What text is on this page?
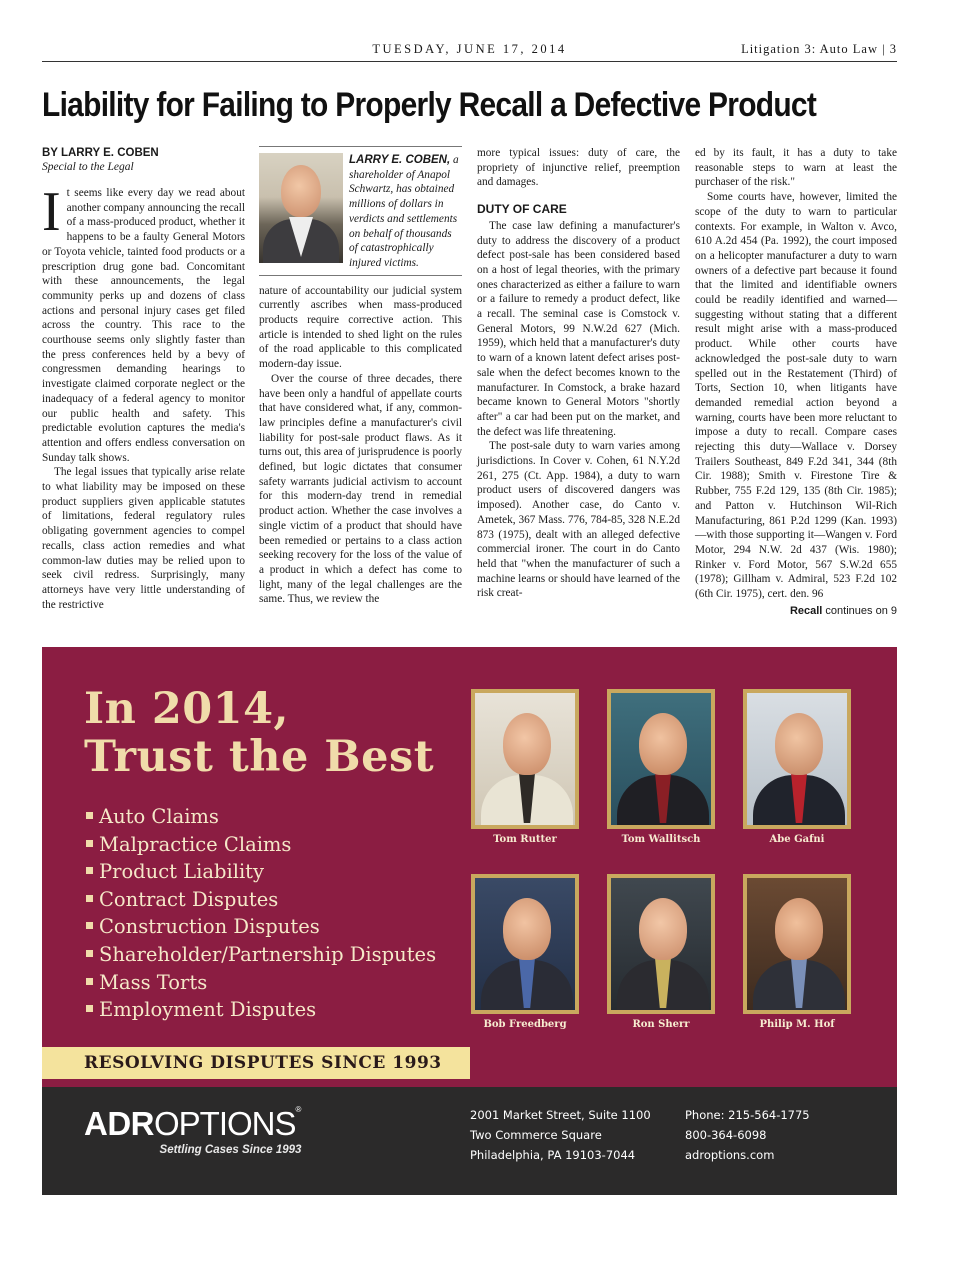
TUESDAY, JUNE 17, 2014	Litigation 3: Auto Law | 3
Liability for Failing to Properly Recall a Defective Product
BY LARRY E. COBEN
Special to the Legal

It seems like every day we read about another company announcing the recall of a mass-produced product, whether it happens to be a faulty General Motors or Toyota vehicle, tainted food products or a prescription drug gone bad. Concomitant with these announcements, the legal community perks up and dozens of class actions and personal injury cases get filed across the country. This race to the courthouse seems only slightly faster than the press conferences held by a bevy of congressmen demanding hearings to investigate claimed corporate neglect or the inadequacy of a federal agency to monitor our public health and safety. This predictable evolution captures the media's attention and offers endless conversation on Sunday talk shows.

The legal issues that typically arise relate to what liability may be imposed on these product suppliers given applicable statutes of limitations, federal regulatory rules obligating government agencies to compel recalls, class action remedies and what common-law duties may be relied upon to seek civil redress. Surprisingly, many attorneys have very little understanding of the restrictive

LARRY E. COBEN, a shareholder of Anapol Schwartz, has obtained millions of dollars in verdicts and settlements on behalf of thousands of catastrophically injured victims.

nature of accountability our judicial system currently ascribes when mass-produced products require corrective action. This article is intended to shed light on the rules of the road applicable to this complicated modern-day issue.

Over the course of three decades, there have been only a handful of appellate courts that have considered what, if any, common-law principles define a manufacturer's civil liability for post-sale product flaws. As it turns out, this area of jurisprudence is poorly defined, but logic dictates that consumer safety warrants judicial activism to account for this modern-day trend in remedial product action. Whether the case involves a single victim of a product that should have been remedied or pertains to a class action seeking recovery for the loss of the value of a product in which a defect has come to light, many of the legal challenges are the same. Thus, we review the

more typical issues: duty of care, the propriety of injunctive relief, preemption and damages.

DUTY OF CARE

The case law defining a manufacturer's duty to address the discovery of a product defect post-sale has been considered based on a host of legal theories, with the primary ones characterized as either a failure to warn or a failure to remedy a product defect, like a recall. The seminal case is Comstock v. General Motors, 99 N.W.2d 627 (Mich. 1959), which held that a manufacturer's duty to warn of a known latent defect arises post-sale when the defect becomes known to the manufacturer. In Comstock, a brake hazard became known to General Motors "shortly after" a car had been put on the market, and the defect was life threatening.

The post-sale duty to warn varies among jurisdictions. In Cover v. Cohen, 61 N.Y.2d 261, 275 (Ct. App. 1984), a duty to warn product users of discovered dangers was imposed). Another case, do Canto v. Ametek, 367 Mass. 776, 784-85, 328 N.E.2d 873 (1975), dealt with an alleged defective commercial ironer. The court in do Canto held that "when the manufacturer of such a machine learns or should have learned of the risk creat-

ed by its fault, it has a duty to take reasonable steps to warn at least the purchaser of the risk."

Some courts have, however, limited the scope of the duty to warn to particular contexts. For example, in Walton v. Avco, 610 A.2d 454 (Pa. 1992), the court imposed on a helicopter manufacturer a duty to warn owners of a defective part because it found that the limited and identifiable owners could be readily identified and warned—suggesting without stating that a different result might arise with a mass-produced product. While other courts have acknowledged the post-sale duty to warn spelled out in the Restatement (Third) of Torts, Section 10, when litigants have demanded remedial action beyond a warning, courts have been more reluctant to impose a duty to recall. Compare cases rejecting this duty—Wallace v. Dorsey Trailers Southeast, 849 F.2d 341, 344 (8th Cir. 1988); Smith v. Firestone Tire & Rubber, 755 F.2d 129, 135 (8th Cir. 1985); and Patton v. Hutchinson Wil-Rich Manufacturing, 861 P.2d 1299 (Kan. 1993)—with those supporting it—Wangen v. Ford Motor, 294 N.W. 2d 437 (Wis. 1980); Rinker v. Ford Motor, 567 S.W.2d 655 (1978); Gillham v. Admiral, 523 F.2d 102 (6th Cir. 1975), cert. den. 96

Recall continues on 9
In 2014,
Trust the Best
Auto Claims
Malpractice Claims
Product Liability
Contract Disputes
Construction Disputes
Shareholder/Partnership Disputes
Mass Torts
Employment Disputes
Tom Rutter	Tom Wallitsch	Abe Gafni
Bob Freedberg	Ron Sherr	Philip M. Hof
RESOLVING DISPUTES SINCE 1993
ADROPTIONS®
Settling Cases Since 1993
2001 Market Street, Suite 1100
Two Commerce Square
Philadelphia, PA 19103-7044
Phone: 215-564-1775
800-364-6098
adroptions.com
